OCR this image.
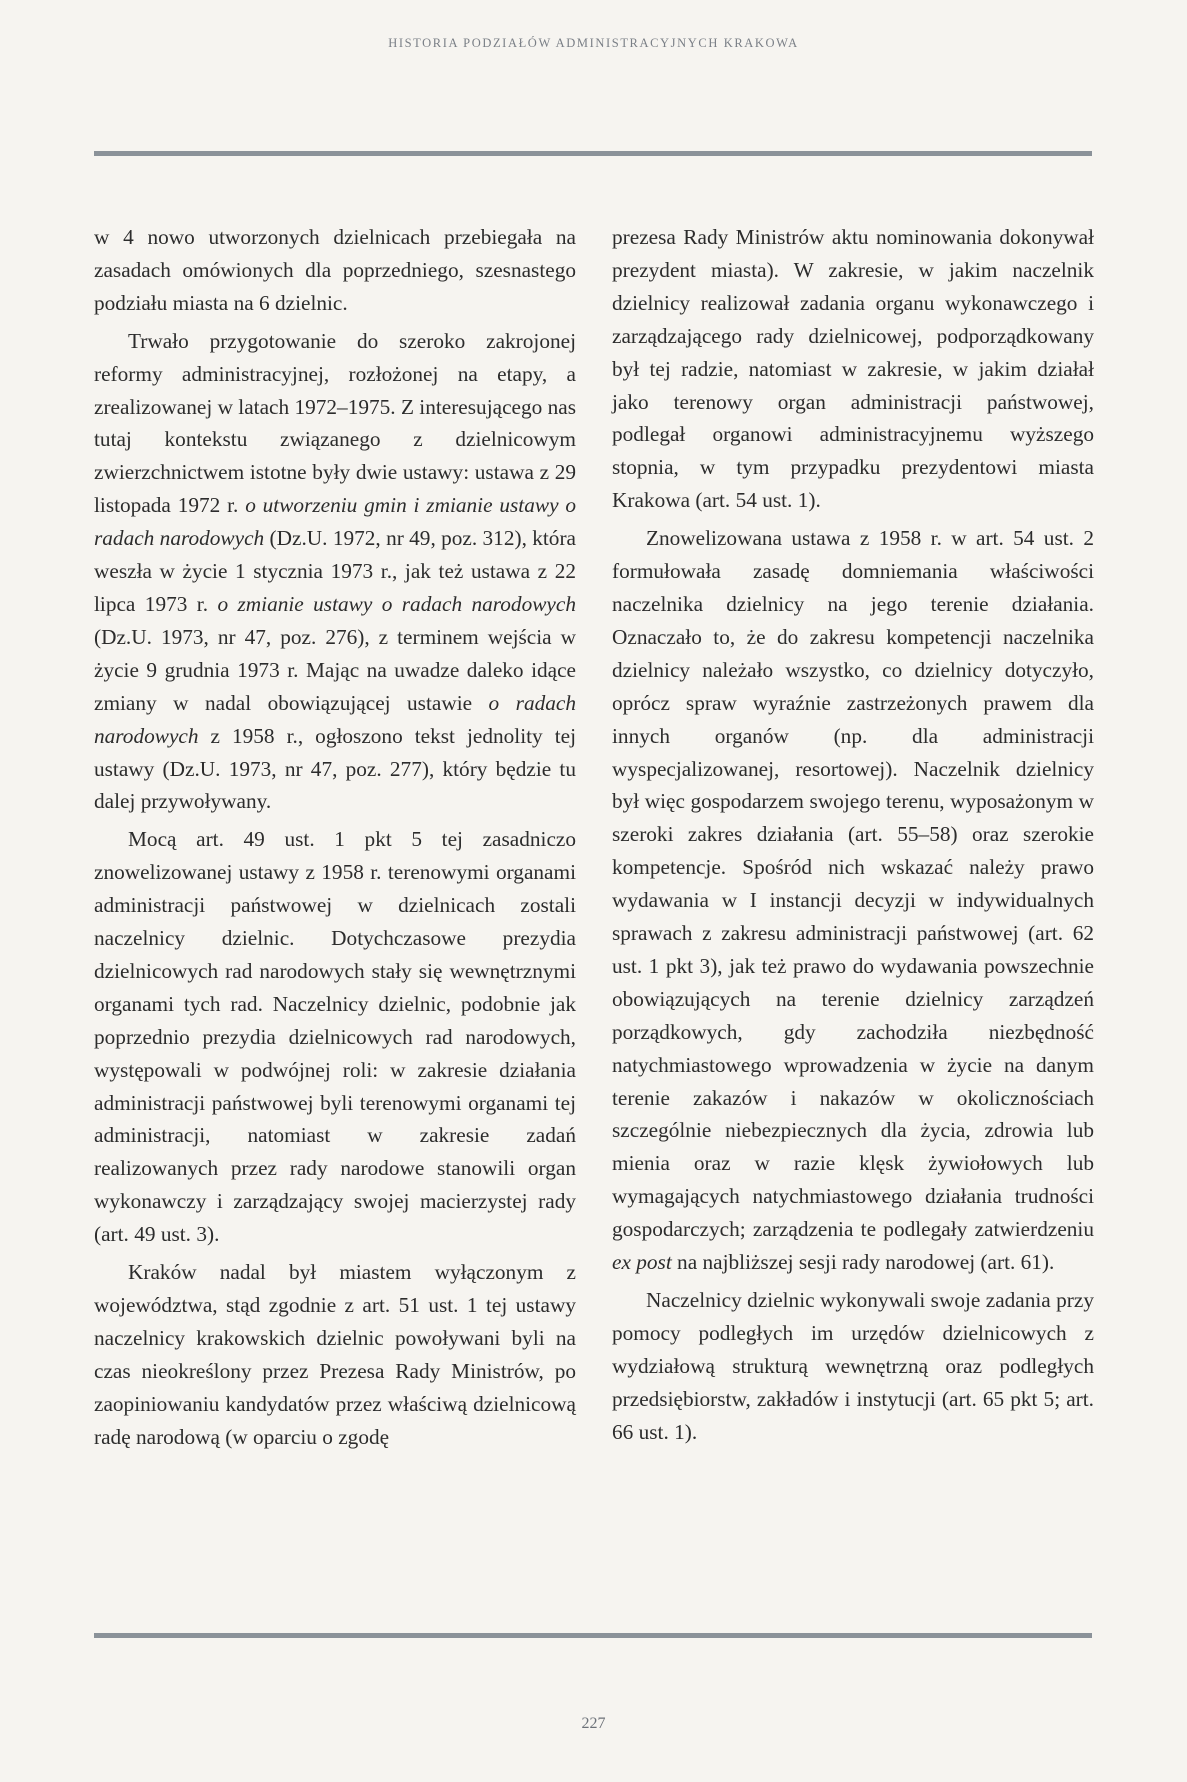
HISTORIA PODZIAŁÓW ADMINISTRACYJNYCH KRAKOWA

w 4 nowo utworzonych dzielnicach przebiegała na zasadach omówionych dla poprzedniego, szesnastego podziału miasta na 6 dzielnic.

Trwało przygotowanie do szeroko zakrojonej reformy administracyjnej, rozłożonej na etapy, a zrealizowanej w latach 1972–1975. Z interesującego nas tutaj kontekstu związanego z dzielnicowym zwierzchnictwem istotne były dwie ustawy: ustawa z 29 listopada 1972 r. o utworzeniu gmin i zmianie ustawy o radach narodowych (Dz.U. 1972, nr 49, poz. 312), która weszła w życie 1 stycznia 1973 r., jak też ustawa z 22 lipca 1973 r. o zmianie ustawy o radach narodowych (Dz.U. 1973, nr 47, poz. 276), z terminem wejścia w życie 9 grudnia 1973 r. Mając na uwadze daleko idące zmiany w nadal obowiązującej ustawie o radach narodowych z 1958 r., ogłoszono tekst jednolity tej ustawy (Dz.U. 1973, nr 47, poz. 277), który będzie tu dalej przywoływany.

Mocą art. 49 ust. 1 pkt 5 tej zasadniczo znowelizowanej ustawy z 1958 r. terenowymi organami administracji państwowej w dzielnicach zostali naczelnicy dzielnic. Dotychczasowe prezydia dzielnicowych rad narodowych stały się wewnętrznymi organami tych rad. Naczelnicy dzielnic, podobnie jak poprzednio prezydia dzielnicowych rad narodowych, występowali w podwójnej roli: w zakresie działania administracji państwowej byli terenowymi organami tej administracji, natomiast w zakresie zadań realizowanych przez rady narodowe stanowili organ wykonawczy i zarządzający swojej macierzystej rady (art. 49 ust. 3).

Kraków nadal był miastem wyłączonym z województwa, stąd zgodnie z art. 51 ust. 1 tej ustawy naczelnicy krakowskich dzielnic powoływani byli na czas nieokreślony przez Prezesa Rady Ministrów, po zaopiniowaniu kandydatów przez właściwą dzielnicową radę narodową (w oparciu o zgodę

prezesa Rady Ministrów aktu nominowania dokonywał prezydent miasta). W zakresie, w jakim naczelnik dzielnicy realizował zadania organu wykonawczego i zarządzającego rady dzielnicowej, podporządkowany był tej radzie, natomiast w zakresie, w jakim działał jako terenowy organ administracji państwowej, podlegał organowi administracyjnemu wyższego stopnia, w tym przypadku prezydentowi miasta Krakowa (art. 54 ust. 1).

Znowelizowana ustawa z 1958 r. w art. 54 ust. 2 formułowała zasadę domniemania właściwości naczelnika dzielnicy na jego terenie działania. Oznaczało to, że do zakresu kompetencji naczelnika dzielnicy należało wszystko, co dzielnicy dotyczyło, oprócz spraw wyraźnie zastrzeżonych prawem dla innych organów (np. dla administracji wyspecjalizowanej, resortowej). Naczelnik dzielnicy był więc gospodarzem swojego terenu, wyposażonym w szeroki zakres działania (art. 55–58) oraz szerokie kompetencje. Spośród nich wskazać należy prawo wydawania w I instancji decyzji w indywidualnych sprawach z zakresu administracji państwowej (art. 62 ust. 1 pkt 3), jak też prawo do wydawania powszechnie obowiązujących na terenie dzielnicy zarządzeń porządkowych, gdy zachodziła niezbędność natychmiastowego wprowadzenia w życie na danym terenie zakazów i nakazów w okolicznościach szczególnie niebezpiecznych dla życia, zdrowia lub mienia oraz w razie klęsk żywiołowych lub wymagających natychmiastowego działania trudności gospodarczych; zarządzenia te podlegały zatwierdzeniu ex post na najbliższej sesji rady narodowej (art. 61).

Naczelnicy dzielnic wykonywali swoje zadania przy pomocy podległych im urzędów dzielnicowych z wydziałową strukturą wewnętrzną oraz podległych przedsiębiorstw, zakładów i instytucji (art. 65 pkt 5; art. 66 ust. 1).

227
